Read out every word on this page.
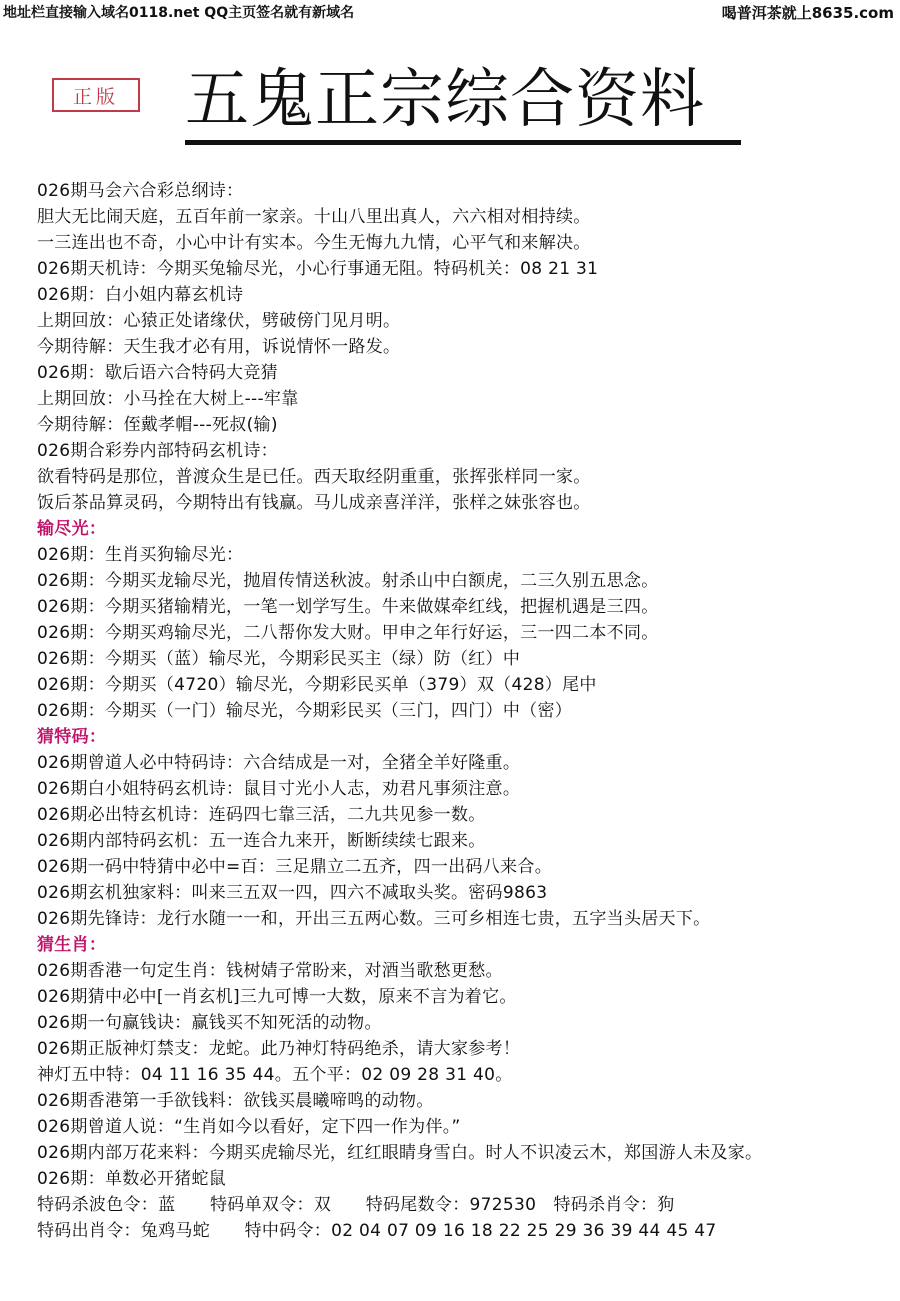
地址栏直接输入域名0118.net QQ主页签名就有新域名	喝普洱茶就上8635.com
正版	五鬼正宗综合资料
026期马会六合彩总纲诗：
胆大无比闹天庭，五百年前一家亲。十山八里出真人，六六相对相持续。
一三连出也不奇，小心中计有实本。今生无悔九九情，心平气和来解决。
026期天机诗：今期买兔输尽光，小心行事通无阻。特码机关：08 21 31
026期：白小姐内幕玄机诗
上期回放：心猿正处诸缘伏，劈破傍门见月明。
今期待解：天生我才必有用，诉说情怀一路发。
026期：歇后语六合特码大竞猜
上期回放：小马拴在大树上---牢靠
今期待解：侄戴孝帽---死叔(输)
026期合彩券内部特码玄机诗：
欲看特码是那位，普渡众生是已任。西天取经阴重重，张挥张样同一家。
饭后茶品算灵码，今期特出有钱赢。马儿成亲喜洋洋，张样之妹张容也。
输尽光：
026期：生肖买狗输尽光：
026期：今期买龙输尽光，抛眉传情送秋波。射杀山中白额虎，二三久别五思念。
026期：今期买猪输精光，一笔一划学写生。牛来做媒牵红线，把握机遇是三四。
026期：今期买鸡输尽光，二八帮你发大财。甲申之年行好运，三一四二本不同。
026期：今期买（蓝）输尽光，今期彩民买主（绿）防（红）中
026期：今期买（4720）输尽光，今期彩民买单（379）双（428）尾中
026期：今期买（一门）输尽光，今期彩民买（三门，四门）中（密）
猜特码：
026期曾道人必中特码诗：六合结成是一对，全猪全羊好隆重。
026期白小姐特码玄机诗：鼠目寸光小人志，劝君凡事须注意。
026期必出特玄机诗：连码四七靠三活，二九共见参一数。
026期内部特码玄机：五一连合九来开，断断续续七跟来。
026期一码中特猜中必中=百：三足鼎立二五齐，四一出码八来合。
026期玄机独家料：叫来三五双一四，四六不减取头奖。密码9863
026期先锋诗：龙行水随一一和，开出三五两心数。三可乡相连七贵，五字当头居天下。
猜生肖：
026期香港一句定生肖：钱树婧子常盼来，对酒当歌愁更愁。
026期猜中必中[一肖玄机]三九可博一大数，原来不言为着它。
026期一句赢钱诀：赢钱买不知死活的动物。
026期正版神灯禁支：龙蛇。此乃神灯特码绝杀，请大家参考！
神灯五中特：04 11 16 35 44。五个平：02 09 28 31 40。
026期香港第一手欲钱料：欲钱买晨曦啼鸣的动物。
026期曾道人说：“生肖如今以看好，定下四一作为伴。”
026期内部万花来料：今期买虎输尽光，红红眼睛身雪白。时人不识凌云木，郑国游人未及家。
026期：单数必开猪蛇鼠
特码杀波色令：蓝　　特码单双令：双　　特码尾数令：972530　特码杀肖令：狗
特码出肖令：兔鸡马蛇　　特中码令：02 04 07 09 16 18 22 25 29 36 39 44 45 47
